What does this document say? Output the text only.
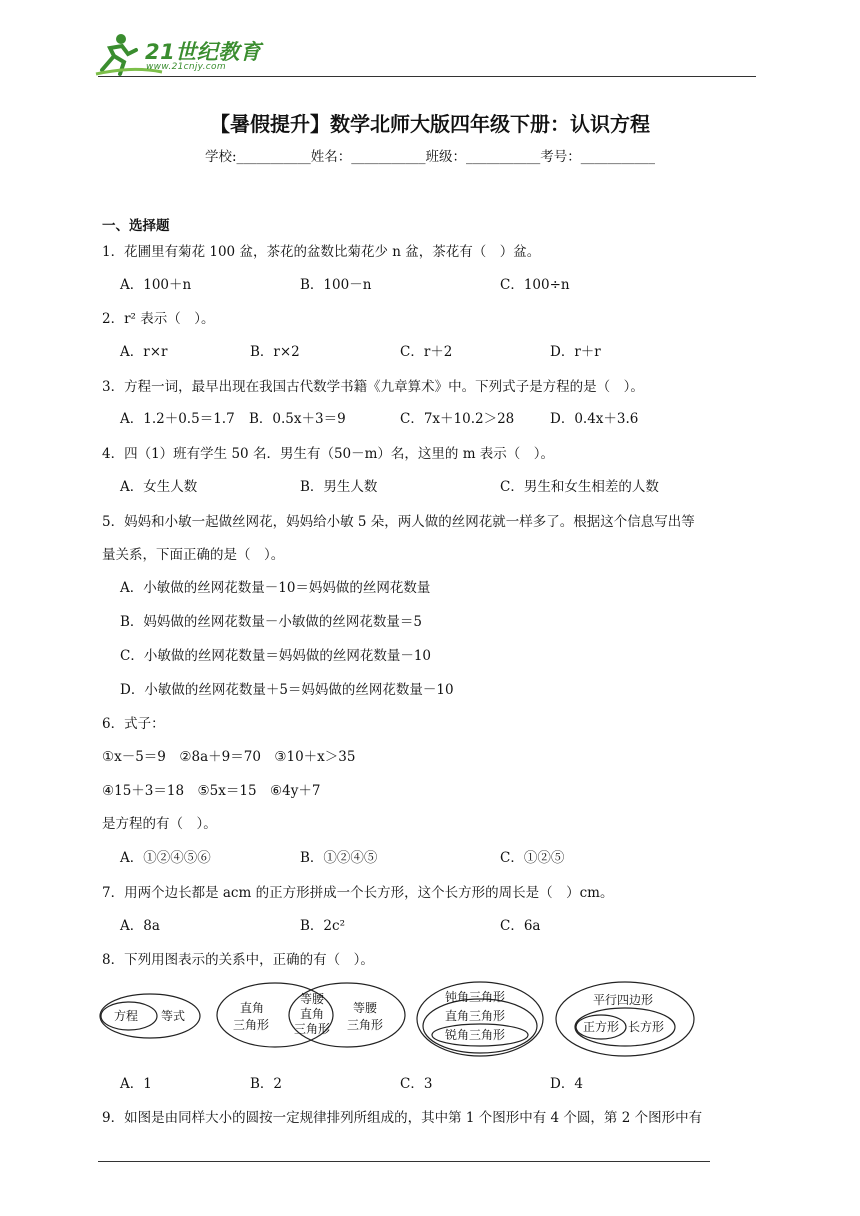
21世纪教育
www.21cnjy.com
【暑假提升】数学北师大版四年级下册：认识方程
学校:___________姓名：___________班级：___________考号：___________
一、选择题
1．花圃里有菊花 100 盆，茶花的盆数比菊花少 n 盆，茶花有（　）盆。
A．100＋n	B．100－n	C．100÷n
2．r² 表示（　）。
A．r×r	B．r×2	C．r＋2	D．r＋r
3．方程一词，最早出现在我国古代数学书籍《九章算术》中。下列式子是方程的是（　）。
A．1.2＋0.5＝1.7 B．0.5x＋3＝9	C．7x＋10.2＞28	D．0.4x＋3.6
4．四（1）班有学生 50 名．男生有（50－m）名，这里的 m 表示（　）。
A．女生人数	B．男生人数	C．男生和女生相差的人数
5．妈妈和小敏一起做丝网花，妈妈给小敏 5 朵，两人做的丝网花就一样多了。根据这个信息写出等
量关系，下面正确的是（　）。
A．小敏做的丝网花数量－10＝妈妈做的丝网花数量
B．妈妈做的丝网花数量－小敏做的丝网花数量＝5
C．小敏做的丝网花数量＝妈妈做的丝网花数量－10
D．小敏做的丝网花数量＋5＝妈妈做的丝网花数量－10
6．式子：
①x－5＝9　②8a＋9＝70　③10＋x＞35
④15＋3＝18　⑤5x＝15　⑥4y＋7
是方程的有（　）。
A．①②④⑤⑥	B．①②④⑤	C．①②⑤
7．用两个边长都是 acm 的正方形拼成一个长方形，这个长方形的周长是（　）cm。
A．8a	B．2c²	C．6a
8．下列用图表示的关系中，正确的有（　）。
方程 等式
直角
三角形
等腰
直角
三角形
等腰
三角形
钝角三角形
直角三角形
锐角三角形
平行四边形
正方形 长方形
A．1	B．2	C．3	D．4
9．如图是由同样大小的圆按一定规律排列所组成的，其中第 1 个图形中有 4 个圆，第 2 个图形中有
